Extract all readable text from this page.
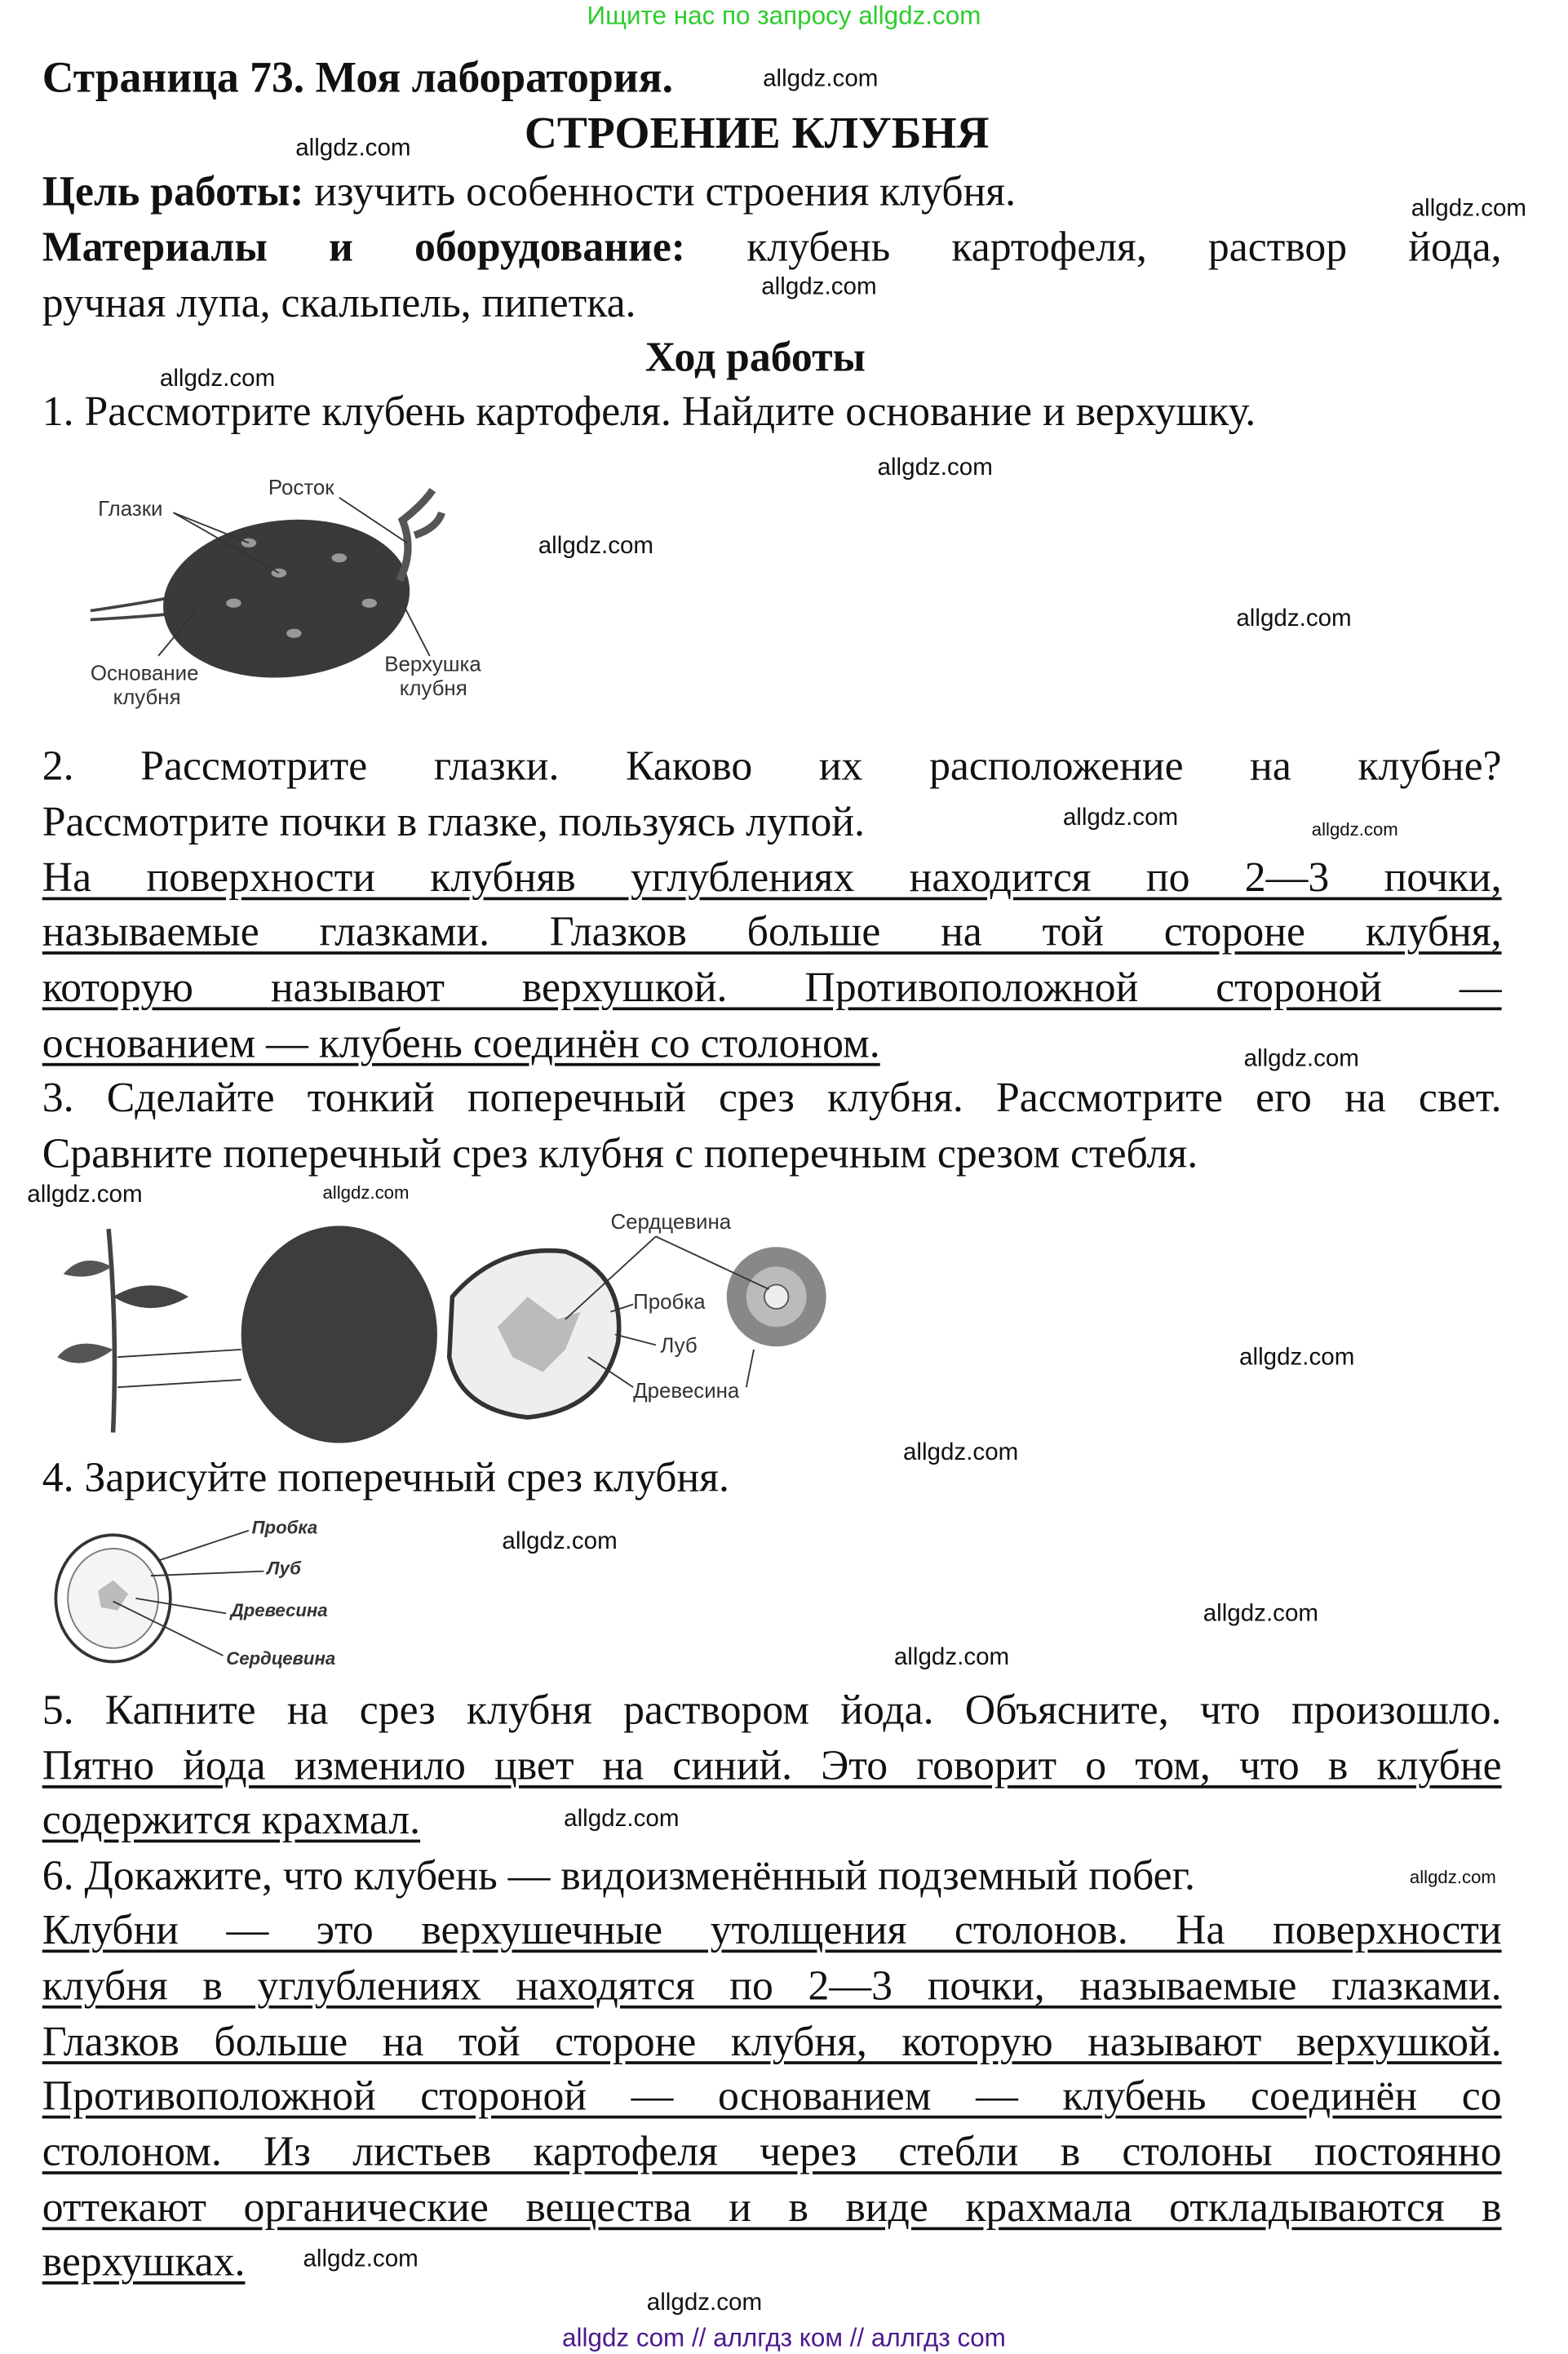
Ищите нас по запросу allgdz.com
Страница 73. Моя лаборатория.
СТРОЕНИЕ КЛУБНЯ
Цель работы: изучить особенности строения клубня.
Материалы и оборудование: клубень картофеля, раствор йода,
ручная лупа, скальпель, пипетка.
Ход работы
1. Рассмотрите клубень картофеля. Найдите основание и верхушку.
Глазки
Росток
Основание
клубня
Верхушка
клубня
2. Рассмотрите глазки. Каково их расположение на клубне?
Рассмотрите почки в глазке, пользуясь лупой.
На поверхности клубняв углублениях находится по 2—3 почки,
называемые глазками. Глазков больше на той стороне клубня,
которую называют верхушкой. Противоположной стороной —
основанием — клубень соединён со столоном.
3. Сделайте тонкий поперечный срез клубня. Рассмотрите его на свет.
Сравните поперечный срез клубня с поперечным срезом стебля.
Сердцевина
Пробка
Луб
Древесина
4. Зарисуйте поперечный срез клубня.
Пробка
Луб
Древесина
Сердцевина
5. Капните на срез клубня раствором йода. Объясните, что произошло.
Пятно йода изменило цвет на синий. Это говорит о том, что в клубне
содержится крахмал.
6. Докажите, что клубень — видоизменённый подземный побег.
Клубни — это верхушечные утолщения столонов. На поверхности
клубня в углублениях находятся по 2—3 почки, называемые глазками.
Глазков больше на той стороне клубня, которую называют верхушкой.
Противоположной стороной — основанием — клубень соединён со
столоном. Из листьев картофеля через стебли в столоны постоянно
оттекают органические вещества и в виде крахмала откладываются в
верхушках.
allgdz.com
allgdz.com
allgdz.com
allgdz.com
allgdz.com
allgdz.com
allgdz.com
allgdz.com
allgdz.com	allgdz.com
allgdz.com
allgdz.com
allgdz.com
allgdz.com
allgdz.com
allgdz.com
allgdz.com
allgdz.com
allgdz.com
allgdz.com
allgdz.com
allgdz.com
allgdz com // аллгдз ком // аллгдз com
